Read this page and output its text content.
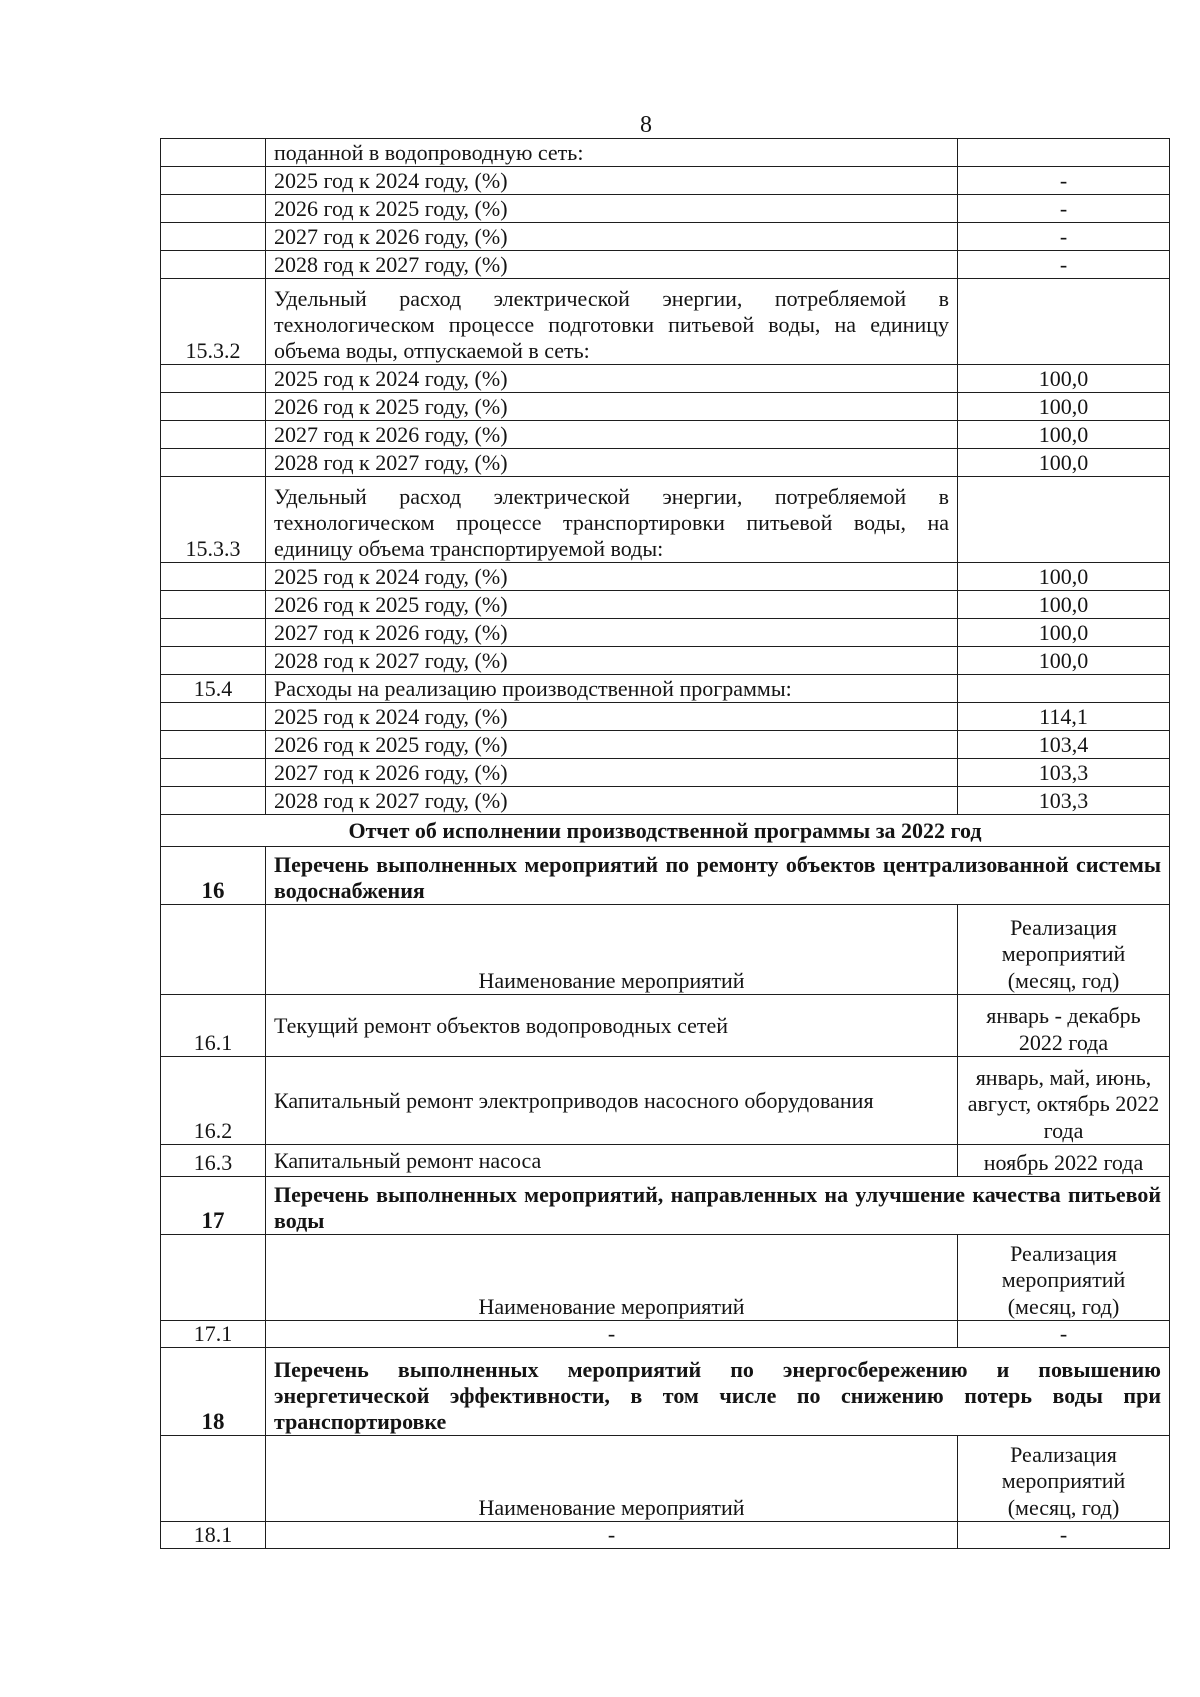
8
	поданной в водопроводную сеть:	
	2025 год к 2024 году, (%)	-
	2026 год к 2025 году, (%)	-
	2027 год к 2026 году, (%)	-
	2028 год к 2027 году, (%)	-
15.3.2	Удельный расход электрической энергии, потребляемой в технологическом процессе подготовки питьевой воды, на единицу объема воды, отпускаемой в сеть:	
	2025 год к 2024 году, (%)	100,0
	2026 год к 2025 году, (%)	100,0
	2027 год к 2026 году, (%)	100,0
	2028 год к 2027 году, (%)	100,0
15.3.3	Удельный расход электрической энергии, потребляемой в технологическом процессе транспортировки питьевой воды, на единицу объема транспортируемой воды:	
	2025 год к 2024 году, (%)	100,0
	2026 год к 2025 году, (%)	100,0
	2027 год к 2026 году, (%)	100,0
	2028 год к 2027 году, (%)	100,0
15.4	Расходы на реализацию производственной программы:	
	2025 год к 2024 году, (%)	114,1
	2026 год к 2025 году, (%)	103,4
	2027 год к 2026 году, (%)	103,3
	2028 год к 2027 году, (%)	103,3
Отчет об исполнении производственной программы за 2022 год		
16	Перечень выполненных мероприятий по ремонту объектов централизованной системы водоснабжения	
	Наименование мероприятий	Реализация мероприятий (месяц, год)
16.1	Текущий ремонт объектов водопроводных сетей	январь - декабрь 2022 года
16.2	Капитальный ремонт электроприводов насосного оборудования	январь, май, июнь, август, октябрь 2022 года
16.3	Капитальный ремонт насоса	ноябрь 2022 года
17	Перечень выполненных мероприятий, направленных на улучшение качества питьевой воды	
	Наименование мероприятий	Реализация мероприятий (месяц, год)
17.1	-	-
18	Перечень выполненных мероприятий по энергосбережению и повышению энергетической эффективности, в том числе по снижению потерь воды при транспортировке	
	Наименование мероприятий	Реализация мероприятий (месяц, год)
18.1	-	-
